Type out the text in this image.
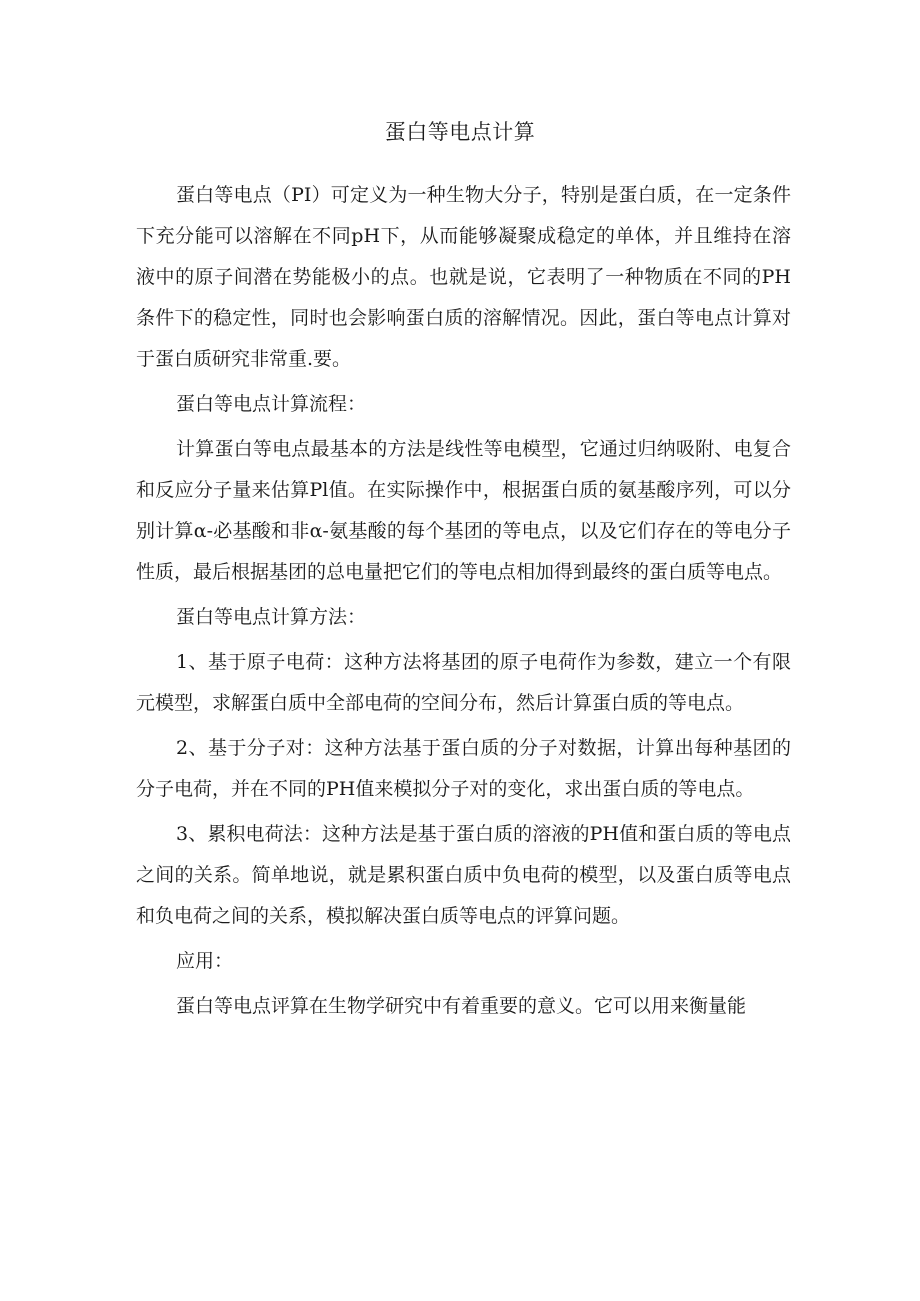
蛋白等电点计算

蛋白等电点（PI）可定义为一种生物大分子，特别是蛋白质，在一定条件下充分能可以溶解在不同pH下，从而能够凝聚成稳定的单体，并且维持在溶液中的原子间潜在势能极小的点。也就是说，它表明了一种物质在不同的PH条件下的稳定性，同时也会影响蛋白质的溶解情况。因此，蛋白等电点计算对于蛋白质研究非常重.要。

蛋白等电点计算流程：

计算蛋白等电点最基本的方法是线性等电模型，它通过归纳吸附、电复合和反应分子量来估算Pl值。在实际操作中，根据蛋白质的氨基酸序列，可以分别计算α-必基酸和非α-氨基酸的每个基团的等电点，以及它们存在的等电分子性质，最后根据基团的总电量把它们的等电点相加得到最终的蛋白质等电点。

蛋白等电点计算方法：

1、基于原子电荷：这种方法将基团的原子电荷作为参数，建立一个有限元模型，求解蛋白质中全部电荷的空间分布，然后计算蛋白质的等电点。

2、基于分子对：这种方法基于蛋白质的分子对数据，计算出每种基团的分子电荷，并在不同的PH值来模拟分子对的变化，求出蛋白质的等电点。

3、累积电荷法：这种方法是基于蛋白质的溶液的PH值和蛋白质的等电点之间的关系。简单地说，就是累积蛋白质中负电荷的模型，以及蛋白质等电点和负电荷之间的关系，模拟解决蛋白质等电点的评算问题。

应用：

蛋白等电点评算在生物学研究中有着重要的意义。它可以用来衡量能
